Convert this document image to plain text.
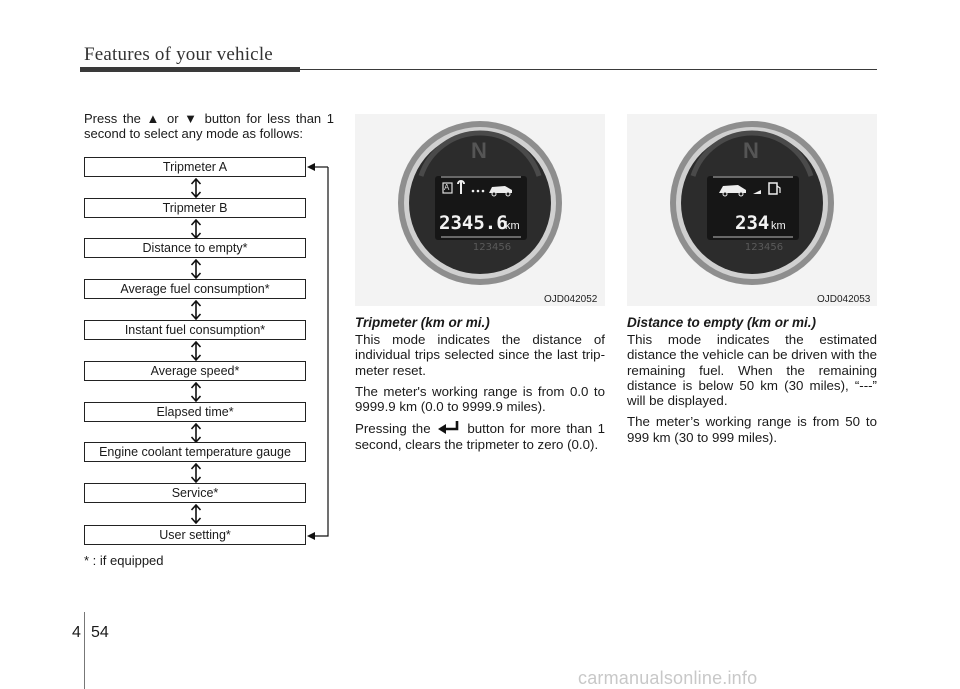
Features of your vehicle
Press the ▲ or ▼ button for less than 1 second to select any mode as follows:
Tripmeter A
Tripmeter B
Distance to empty*
Average fuel consumption*
Instant fuel consumption*
Average speed*
Elapsed time*
Engine coolant temperature gauge
Service*
User setting*
* : if equipped
123456
2345.6
km
N
A
OJD042052
123456
234 km
N
OJD042053
Tripmeter (km or mi.)

This mode indicates the distance of individual trips selected since the last trip-meter reset.

The meter's working range is from 0.0 to 9999.9 km (0.0 to 9999.9 miles).

Pressing the	button for more than 1 second, clears the tripmeter to zero (0.0).

Distance to empty (km or mi.)

This mode indicates the estimated distance the vehicle can be driven with the remaining fuel. When the remaining distance is below 50 km (30 miles), “---” will be displayed.

The meter’s working range is from 50 to 999 km (30 to 999 miles).

4 54
carmanualsonline.info
